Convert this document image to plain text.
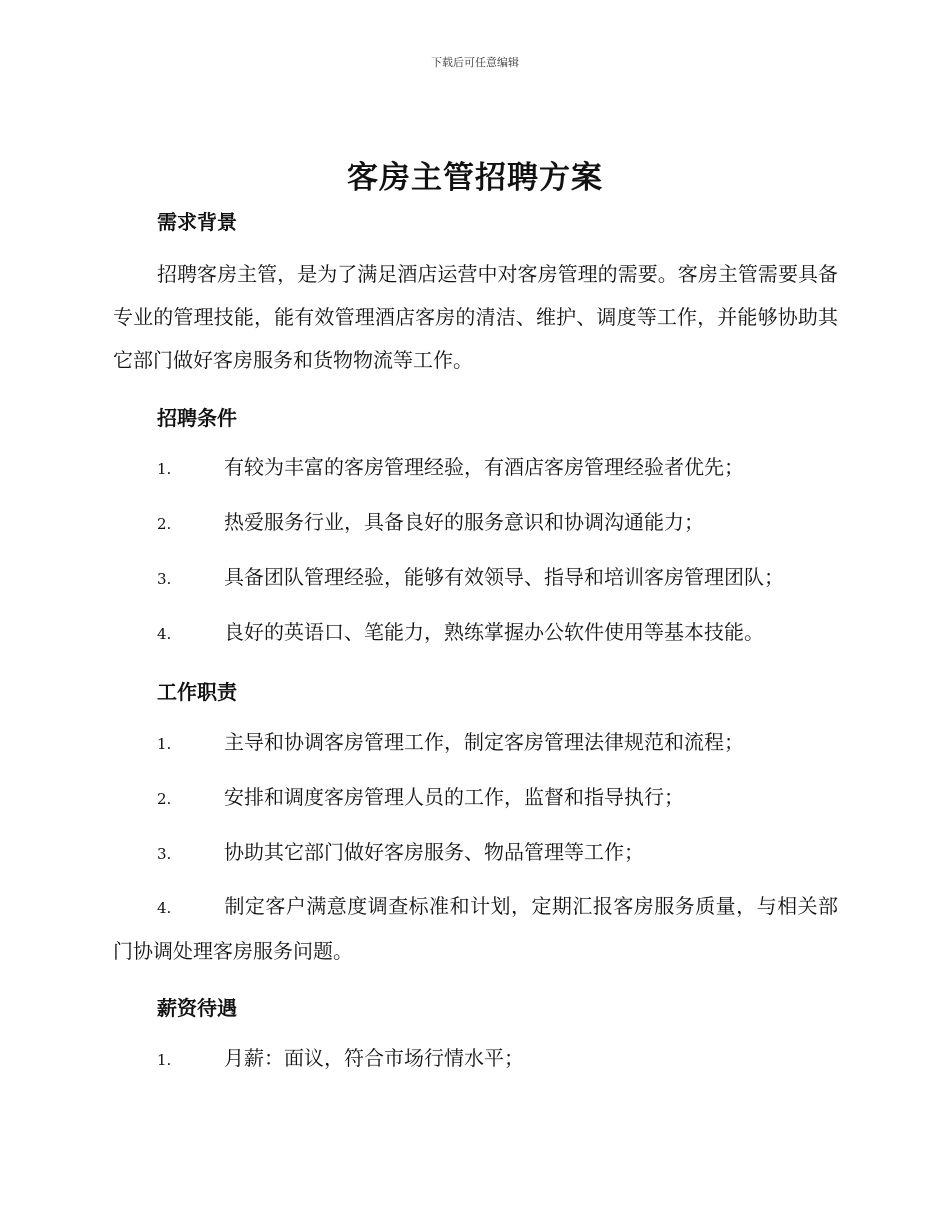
下载后可任意编辑
客房主管招聘方案
需求背景
招聘客房主管，是为了满足酒店运营中对客房管理的需要。客房主管需要具备专业的管理技能，能有效管理酒店客房的清洁、维护、调度等工作，并能够协助其它部门做好客房服务和货物物流等工作。
招聘条件
1.	有较为丰富的客房管理经验，有酒店客房管理经验者优先；
2.	热爱服务行业，具备良好的服务意识和协调沟通能力；
3.	具备团队管理经验，能够有效领导、指导和培训客房管理团队；
4.	良好的英语口、笔能力，熟练掌握办公软件使用等基本技能。
工作职责
1.	主导和协调客房管理工作，制定客房管理法律规范和流程；
2.	安排和调度客房管理人员的工作，监督和指导执行；
3.	协助其它部门做好客房服务、物品管理等工作；
4.	制定客户满意度调查标准和计划，定期汇报客房服务质量，与相关部门协调处理客房服务问题。
薪资待遇
1.	月薪：面议，符合市场行情水平；
